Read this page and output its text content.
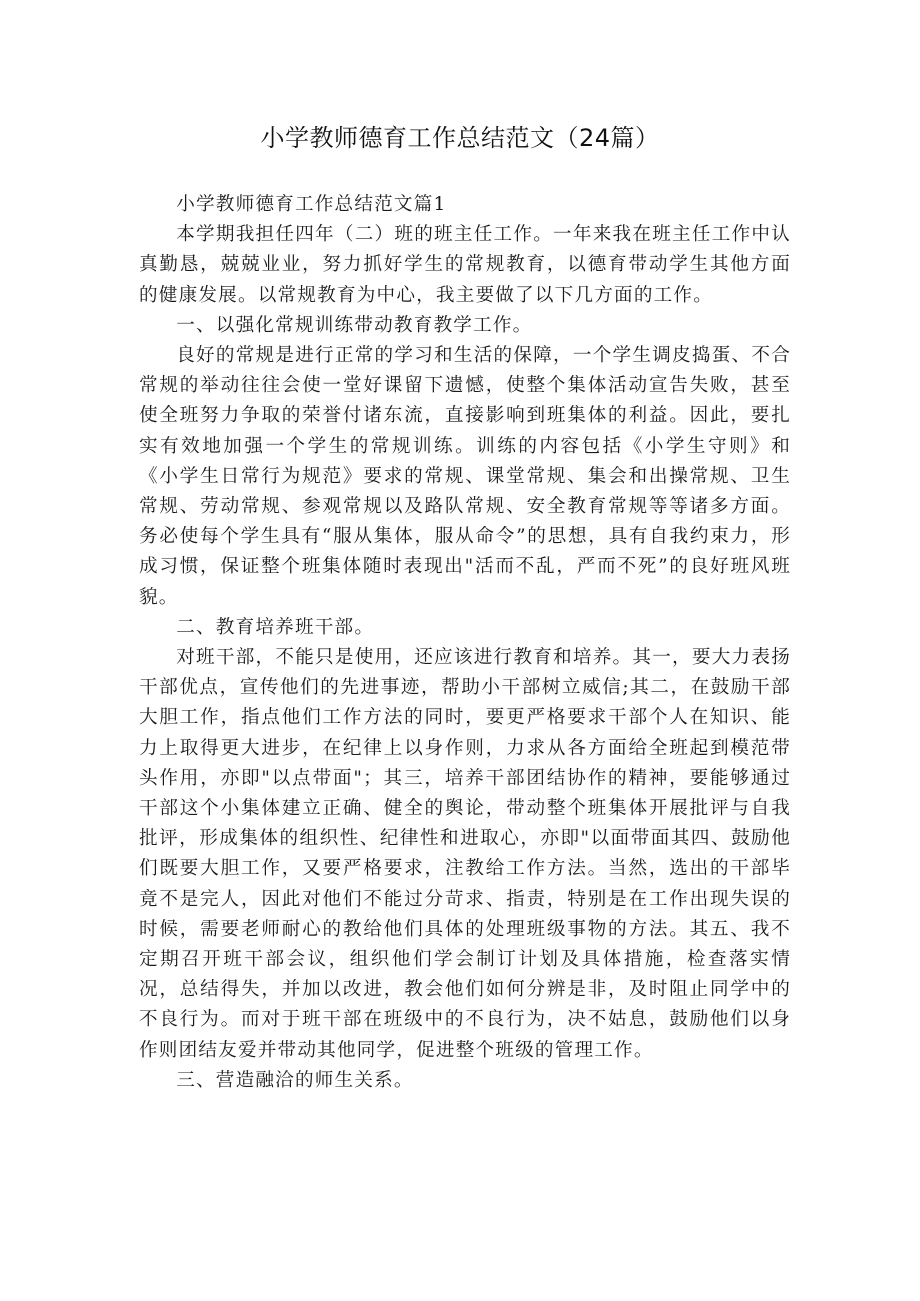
小学教师德育工作总结范文（24篇）

小学教师德育工作总结范文篇1

本学期我担任四年（二）班的班主任工作。一年来我在班主任工作中认真勤恳，兢兢业业，努力抓好学生的常规教育，以德育带动学生其他方面的健康发展。以常规教育为中心，我主要做了以下几方面的工作。

一、以强化常规训练带动教育教学工作。

良好的常规是进行正常的学习和生活的保障，一个学生调皮捣蛋、不合常规的举动往往会使一堂好课留下遗憾，使整个集体活动宣告失败，甚至使全班努力争取的荣誉付诸东流，直接影响到班集体的利益。因此，要扎实有效地加强一个学生的常规训练。训练的内容包括《小学生守则》和《小学生日常行为规范》要求的常规、课堂常规、集会和出操常规、卫生常规、劳动常规、参观常规以及路队常规、安全教育常规等等诸多方面。务必使每个学生具有“服从集体，服从命令”的思想，具有自我约束力，形成习惯，保证整个班集体随时表现出"活而不乱，严而不死”的良好班风班貌。

二、教育培养班干部。

对班干部，不能只是使用，还应该进行教育和培养。其一，要大力表扬干部优点，宣传他们的先进事迹，帮助小干部树立威信;其二，在鼓励干部大胆工作，指点他们工作方法的同时，要更严格要求干部个人在知识、能力上取得更大进步，在纪律上以身作则，力求从各方面给全班起到模范带头作用，亦即"以点带面"；其三，培养干部团结协作的精神，要能够通过干部这个小集体建立正确、健全的舆论，带动整个班集体开展批评与自我批评，形成集体的组织性、纪律性和进取心，亦即"以面带面其四、鼓励他们既要大胆工作，又要严格要求，注教给工作方法。当然，选出的干部毕竟不是完人，因此对他们不能过分苛求、指责，特别是在工作出现失误的时候，需要老师耐心的教给他们具体的处理班级事物的方法。其五、我不定期召开班干部会议，组织他们学会制订计划及具体措施，检查落实情况，总结得失，并加以改进，教会他们如何分辨是非，及时阻止同学中的不良行为。而对于班干部在班级中的不良行为，决不姑息，鼓励他们以身作则团结友爱并带动其他同学，促进整个班级的管理工作。

三、营造融洽的师生关系。
